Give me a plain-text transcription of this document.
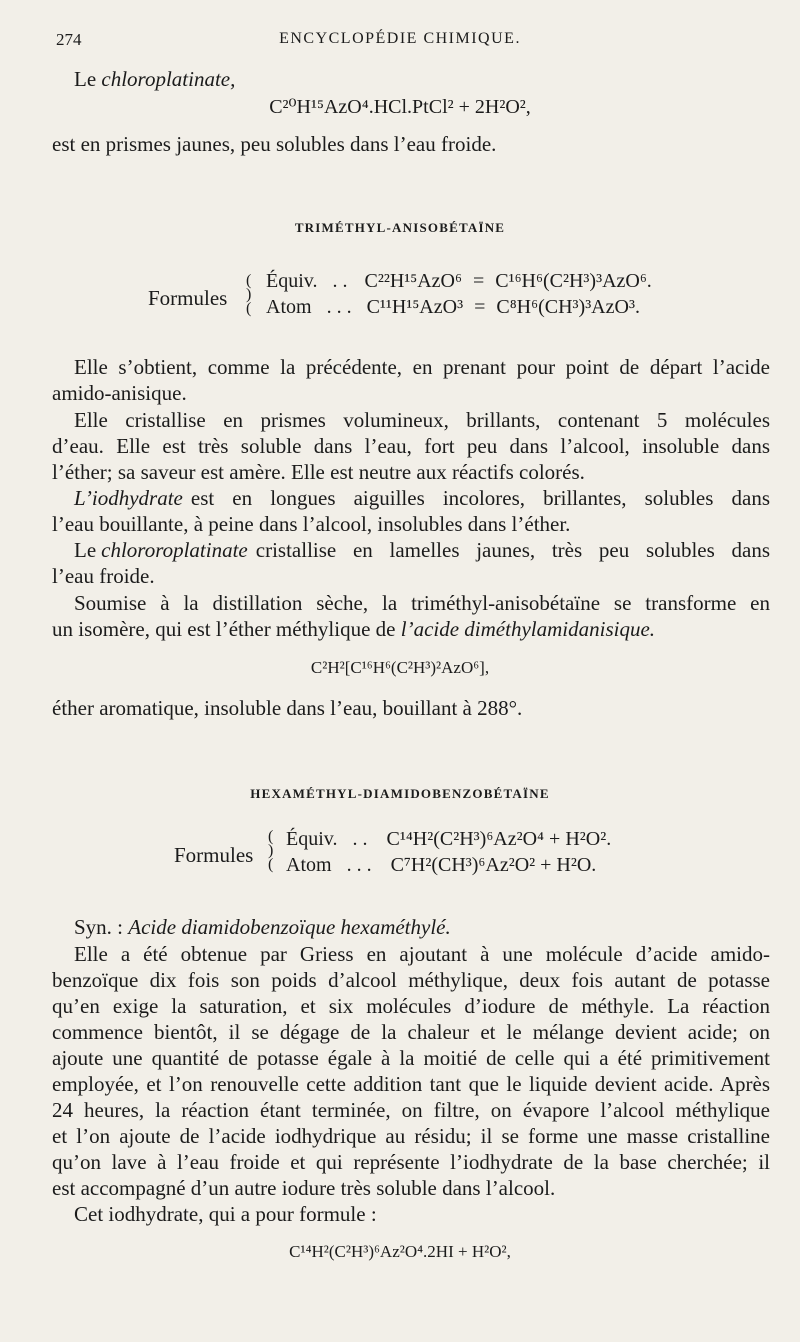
274	ENCYCLOPÉDIE CHIMIQUE.
Le chloroplatinate,
C²⁰H¹⁵AzO⁴.HCl.PtCl² + 2H²O²,
est en prismes jaunes, peu solubles dans l’eau froide.
TRIMÉTHYL-ANISOBÉTAÏNE
Formules
(
)
(
Équiv. . . C²²H¹⁵AzO⁶ = C¹⁶H⁶(C²H³)³AzO⁶.
Atom . . . C¹¹H¹⁵AzO³ = C⁸H⁶(CH³)³AzO³.
Elle s’obtient, comme la précédente, en prenant pour point de départ l’acide
amido-anisique.
Elle cristallise en prismes volumineux, brillants, contenant 5 molécules
d’eau. Elle est très soluble dans l’eau, fort peu dans l’alcool, insoluble dans
l’éther; sa saveur est amère. Elle est neutre aux réactifs colorés.
L’iodhydrate est en longues aiguilles incolores, brillantes, solubles dans
l’eau bouillante, à peine dans l’alcool, insolubles dans l’éther.
Le chlororoplatinate cristallise en lamelles jaunes, très peu solubles dans
l’eau froide.
Soumise à la distillation sèche, la triméthyl-anisobétaïne se transforme en
un isomère, qui est l’éther méthylique de l’acide diméthylamidanisique.
C²H²[C¹⁶H⁶(C²H³)²AzO⁶],
éther aromatique, insoluble dans l’eau, bouillant à 288°.
HEXAMÉTHYL-DIAMIDOBENZOBÉTAÏNE
Formules
(
)
(
Équiv. . . C¹⁴H²(C²H³)⁶Az²O⁴ + H²O².
Atom . . . C⁷H²(CH³)⁶Az²O² + H²O.
Syn. : Acide diamidobenzoïque hexaméthylé.
Elle a été obtenue par Griess en ajoutant à une molécule d’acide amido-
benzoïque dix fois son poids d’alcool méthylique, deux fois autant de potasse
qu’en exige la saturation, et six molécules d’iodure de méthyle. La réaction
commence bientôt, il se dégage de la chaleur et le mélange devient acide; on
ajoute une quantité de potasse égale à la moitié de celle qui a été primitivement
employée, et l’on renouvelle cette addition tant que le liquide devient acide. Après
24 heures, la réaction étant terminée, on filtre, on évapore l’alcool méthylique
et l’on ajoute de l’acide iodhydrique au résidu; il se forme une masse cristalline
qu’on lave à l’eau froide et qui représente l’iodhydrate de la base cherchée; il
est accompagné d’un autre iodure très soluble dans l’alcool.
Cet iodhydrate, qui a pour formule :
C¹⁴H²(C²H³)⁶Az²O⁴.2HI + H²O²,
